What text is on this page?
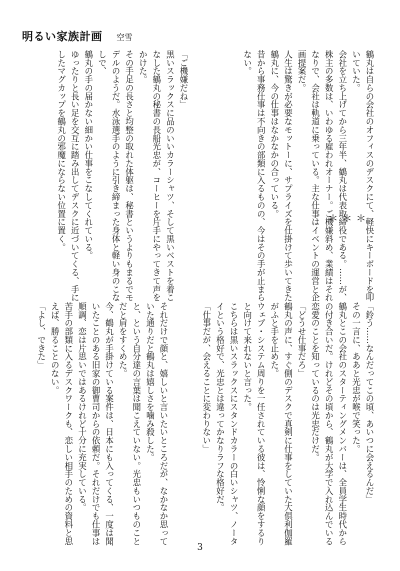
明るい家族計画 空雪
鶴丸は自らの会社のオフィスのデスクにて、軽快にキーボードを叩いていた。
会社を立ち上げてから三年半、鶴丸は代表取締役である。……が、株主の多数は、いわゆる雇われオーナー。ご機嫌斜め、業績はそれなりで、会社は軌道に乗っている。主な仕事はイベントの運営と企画提案だ。
人生は驚きが必要なモットーに、サプライズを仕掛けて歩いてきた鶴丸に、今の仕事はなかなかの合っている。
昔から事務仕事は不向きの部類に入るものの、今はその手が止まらない。
「ご機嫌だね」
黒いスラックスに品のいいカラーシャツ、そして黒いベストを着こなした鶴丸の秘書の長船光忠が、コーヒーを片手にやってきて声をかけた。
その手足の長さと均整の取れた体躯は、秘書というよりもまるでモデルのようだ。水泳選手のように引き締まった身体と軽い身のこなしで、
鶴丸の手の届かない細かい仕事をこなしてくれている。
ゆったりと長い足を交互に踏み出してデスクに近づいてくる、手にしたマグカップを鶴丸の邪魔にならない位置に置く。	＊＊＊
「鈴う……なんだってこの頃、あいつに会えるんだ」
その一言に、ああと光忠が喉で笑った。
鶴丸とこの会社のスターティングメンバーは、全員学生時代からの付き合いだ。けれどその頃から、鶴丸が大学で入れ込んでいる恋愛のことを知っているのは光忠だけだ。
「どうせ仕事だろ」
鶴丸の声に、すぐ側のデスクで真剣に仕事をしていた大倶利伽羅がふと手を止めた。
ウェブ・システム周りを一任されている彼は、怜悧な顔をするりと向けて来れないと言った。
こちらは黒いスラックスにスタンドカラーの白いシャツ、ノータイという格好で、光忠とは違ってかなりラフな格好だ。
「仕事だが、会えることに変わりない」
それだけで顔と、嬉しいと言いたいところだが、なかなか思っていた通りだと鶴丸は嬉しさを噛み殺した。
と、という自分達の言葉は聞こえていない。光忠もいつものことだと肩をすくめた。
今、鶴丸が手掛けている案件は、日本にも入ってくる、一度は聞いたことのある旧家の御曹司からの依頼だ。それだけでも仕事は順調、恋は片思いではあるけれど十分に充実している。
苦手の部類に入るデスクワークも、恋しい相手のための資料と思えば、勝ることのない。
「よし、できた」
3
